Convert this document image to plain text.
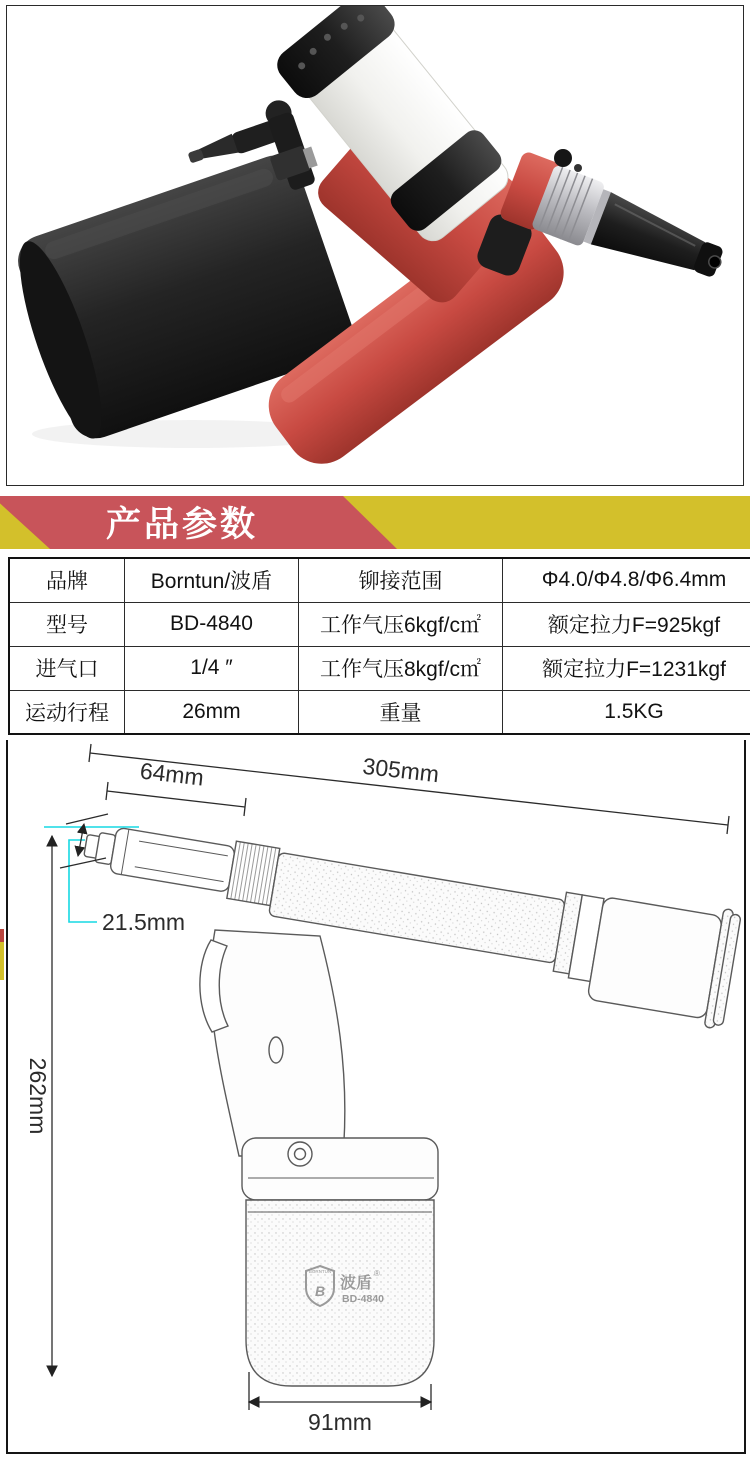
产品参数
品牌	Borntun/波盾	铆接范围	Φ4.0/Φ4.8/Φ6.4mm
型号	BD-4840	工作气压6kgf/c㎡	额定拉力F=925kgf
进气口	1/4 ″	工作气压8kgf/c㎡	额定拉力F=1231kgf
运动行程	26mm	重量	1.5KG
BORNTUN
B 波盾
BD-4840
®
305mm
64mm
21.5mm
262mm
91mm
